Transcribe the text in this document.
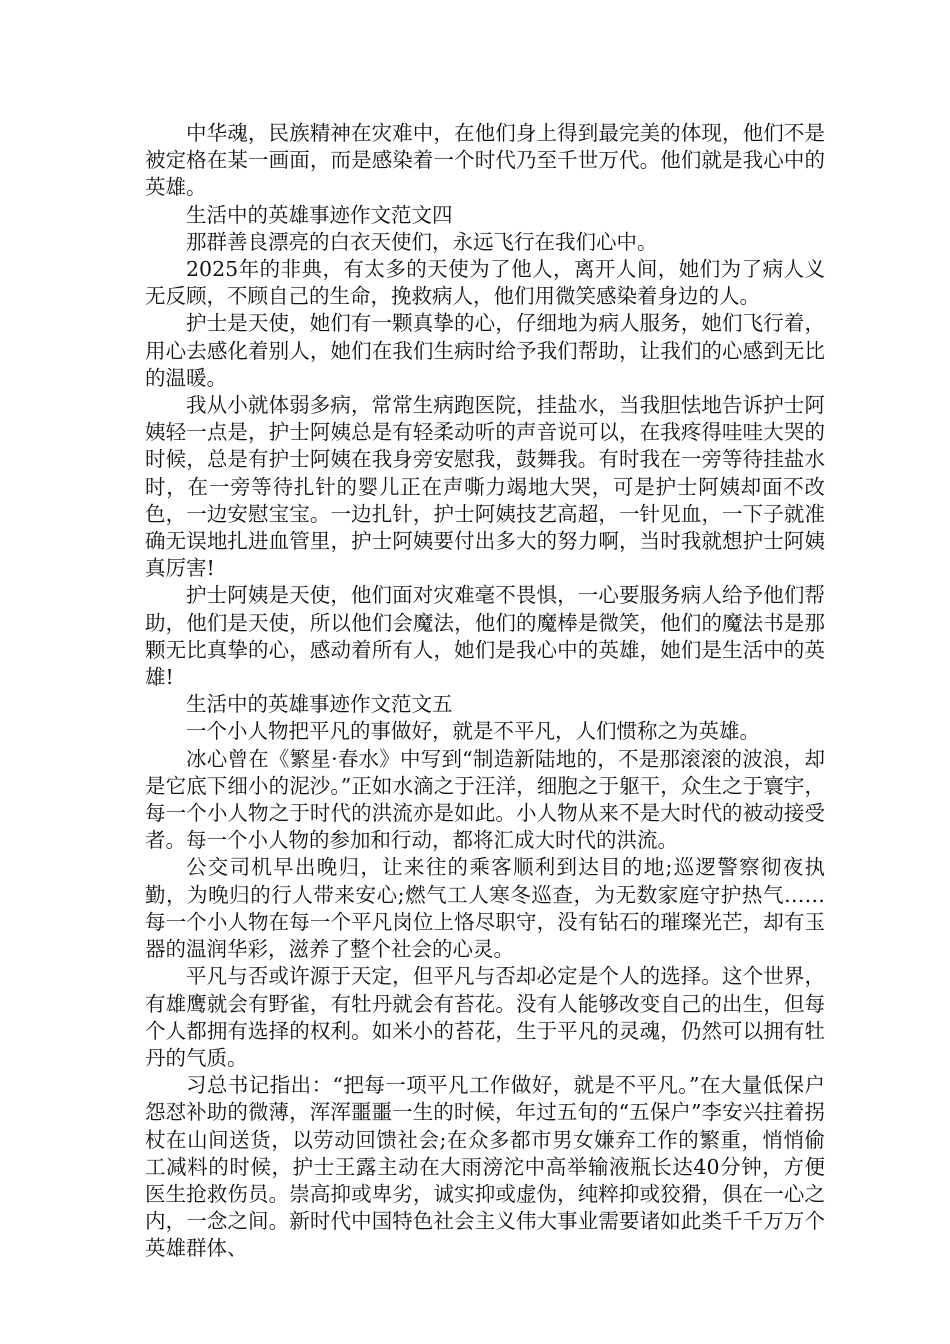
中华魂，民族精神在灾难中，在他们身上得到最完美的体现，他们不是被定格在某一画面，而是感染着一个时代乃至千世万代。他们就是我心中的英雄。

生活中的英雄事迹作文范文四

那群善良漂亮的白衣天使们，永远飞行在我们心中。

2025年的非典，有太多的天使为了他人，离开人间，她们为了病人义无反顾，不顾自己的生命，挽救病人，他们用微笑感染着身边的人。

护士是天使，她们有一颗真挚的心，仔细地为病人服务，她们飞行着，用心去感化着别人，她们在我们生病时给予我们帮助，让我们的心感到无比的温暖。

我从小就体弱多病，常常生病跑医院，挂盐水，当我胆怯地告诉护士阿姨轻一点是，护士阿姨总是有轻柔动听的声音说可以，在我疼得哇哇大哭的时候，总是有护士阿姨在我身旁安慰我，鼓舞我。有时我在一旁等待挂盐水时，在一旁等待扎针的婴儿正在声嘶力竭地大哭，可是护士阿姨却面不改色，一边安慰宝宝。一边扎针，护士阿姨技艺高超，一针见血，一下子就准确无误地扎进血管里，护士阿姨要付出多大的努力啊，当时我就想护士阿姨真厉害!

护士阿姨是天使，他们面对灾难毫不畏惧，一心要服务病人给予他们帮助，他们是天使，所以他们会魔法，他们的魔棒是微笑，他们的魔法书是那颗无比真挚的心，感动着所有人，她们是我心中的英雄，她们是生活中的英雄!

生活中的英雄事迹作文范文五

一个小人物把平凡的事做好，就是不平凡，人们惯称之为英雄。

冰心曾在《繁星·春水》中写到“制造新陆地的，不是那滚滚的波浪，却是它底下细小的泥沙。”正如水滴之于汪洋，细胞之于躯干，众生之于寰宇，每一个小人物之于时代的洪流亦是如此。小人物从来不是大时代的被动接受者。每一个小人物的参加和行动，都将汇成大时代的洪流。

公交司机早出晚归，让来往的乘客顺利到达目的地;巡逻警察彻夜执勤，为晚归的行人带来安心;燃气工人寒冬巡查，为无数家庭守护热气……每一个小人物在每一个平凡岗位上恪尽职守，没有钻石的璀璨光芒，却有玉器的温润华彩，滋养了整个社会的心灵。

平凡与否或许源于天定，但平凡与否却必定是个人的选择。这个世界，有雄鹰就会有野雀，有牡丹就会有苔花。没有人能够改变自己的出生，但每个人都拥有选择的权利。如米小的苔花，生于平凡的灵魂，仍然可以拥有牡丹的气质。

习总书记指出：“把每一项平凡工作做好，就是不平凡。”在大量低保户怨怼补助的微薄，浑浑噩噩一生的时候，年过五旬的“五保户”李安兴拄着拐杖在山间送货，以劳动回馈社会;在众多都市男女嫌弃工作的繁重，悄悄偷工减料的时候，护士王露主动在大雨滂沱中高举输液瓶长达40分钟，方便医生抢救伤员。崇高抑或卑劣，诚实抑或虚伪，纯粹抑或狡猾，俱在一心之内，一念之间。新时代中国特色社会主义伟大事业需要诸如此类千千万万个英雄群体、
